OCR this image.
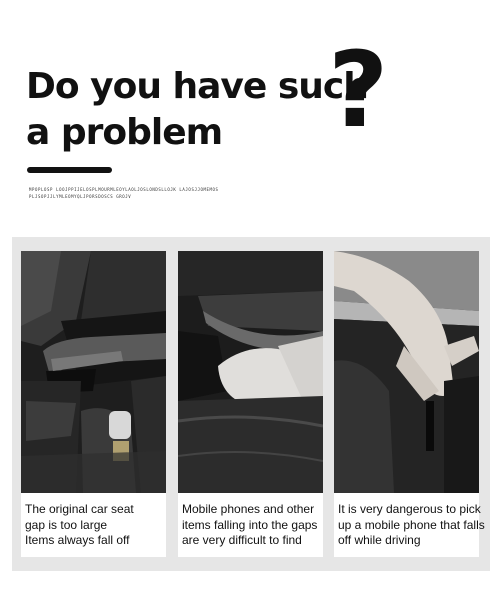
Do you have such
a problem	?
MPOPLOSP LOOJPPIJELOSPLMOURMLEOYLAOLJOSLONDSLLOJK LAJOSJJOMEMOS
PLJSOPJJLYMLEOMYQLJPORSDOSCS GROJV
The original car seat
gap is too large
Items always fall off
Mobile phones and other
items falling into the gaps
are very difficult to find
It is very dangerous to pick
up a mobile phone that falls
off while driving
